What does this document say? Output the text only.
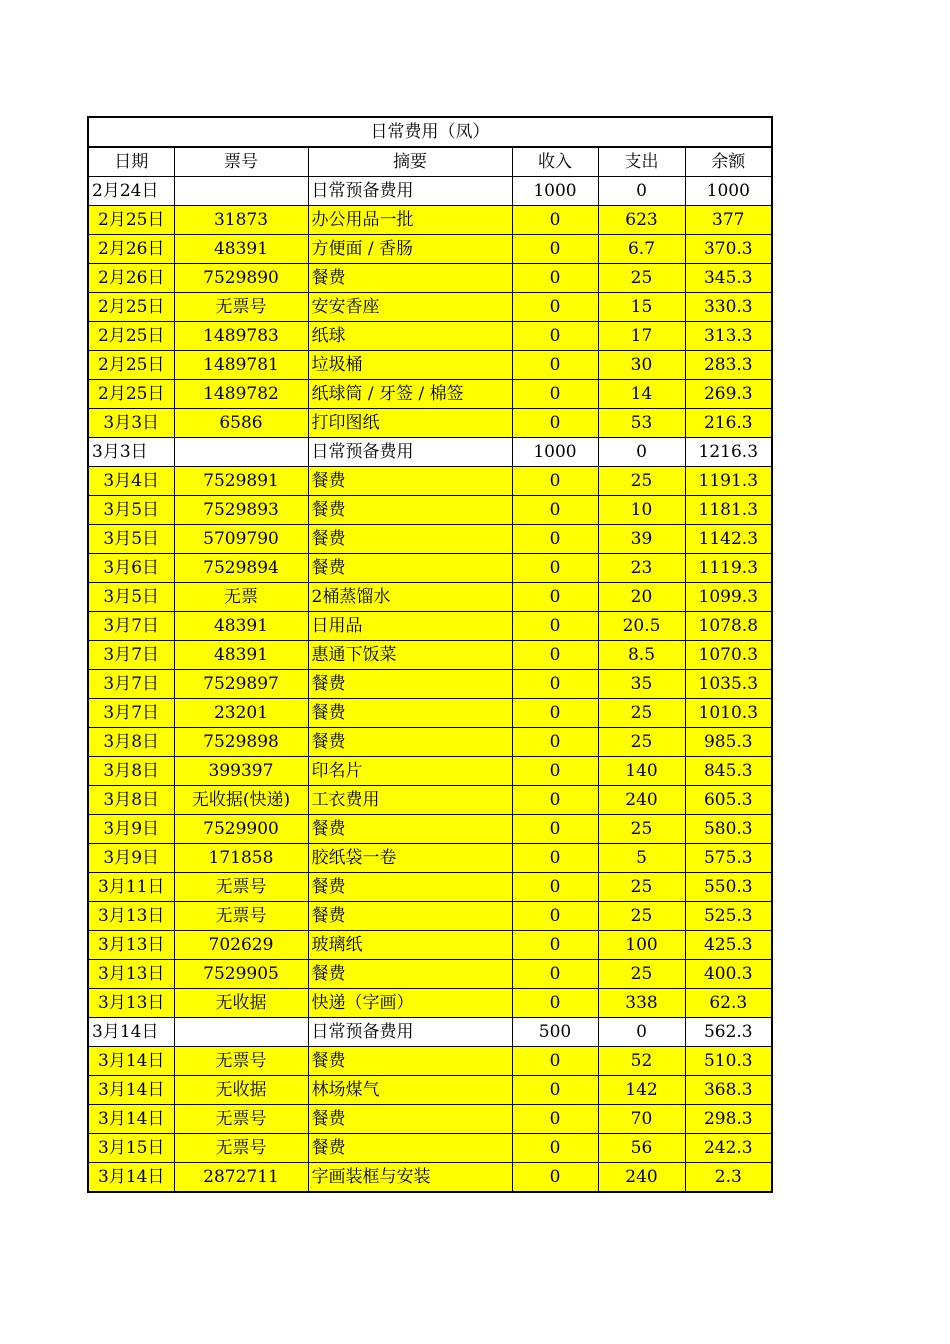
日常费用（凤）					
日期	票号	摘要	收入	支出	余额
2月24日		日常预备费用	1000	0	1000
2月25日	31873	办公用品一批	0	623	377
2月26日	48391	方便面 / 香肠	0	6.7	370.3
2月26日	7529890	餐费	0	25	345.3
2月25日	无票号	安安香座	0	15	330.3
2月25日	1489783	纸球	0	17	313.3
2月25日	1489781	垃圾桶	0	30	283.3
2月25日	1489782	纸球筒 / 牙签 / 棉签	0	14	269.3
3月3日	6586	打印图纸	0	53	216.3
3月3日		日常预备费用	1000	0	1216.3
3月4日	7529891	餐费	0	25	1191.3
3月5日	7529893	餐费	0	10	1181.3
3月5日	5709790	餐费	0	39	1142.3
3月6日	7529894	餐费	0	23	1119.3
3月5日	无票	2桶蒸馏水	0	20	1099.3
3月7日	48391	日用品	0	20.5	1078.8
3月7日	48391	惠通下饭菜	0	8.5	1070.3
3月7日	7529897	餐费	0	35	1035.3
3月7日	23201	餐费	0	25	1010.3
3月8日	7529898	餐费	0	25	985.3
3月8日	399397	印名片	0	140	845.3
3月8日	无收据(快递)	工衣费用	0	240	605.3
3月9日	7529900	餐费	0	25	580.3
3月9日	171858	胶纸袋一卷	0	5	575.3
3月11日	无票号	餐费	0	25	550.3
3月13日	无票号	餐费	0	25	525.3
3月13日	702629	玻璃纸	0	100	425.3
3月13日	7529905	餐费	0	25	400.3
3月13日	无收据	快递（字画）	0	338	62.3
3月14日		日常预备费用	500	0	562.3
3月14日	无票号	餐费	0	52	510.3
3月14日	无收据	林场煤气	0	142	368.3
3月14日	无票号	餐费	0	70	298.3
3月15日	无票号	餐费	0	56	242.3
3月14日	2872711	字画装框与安装	0	240	2.3
